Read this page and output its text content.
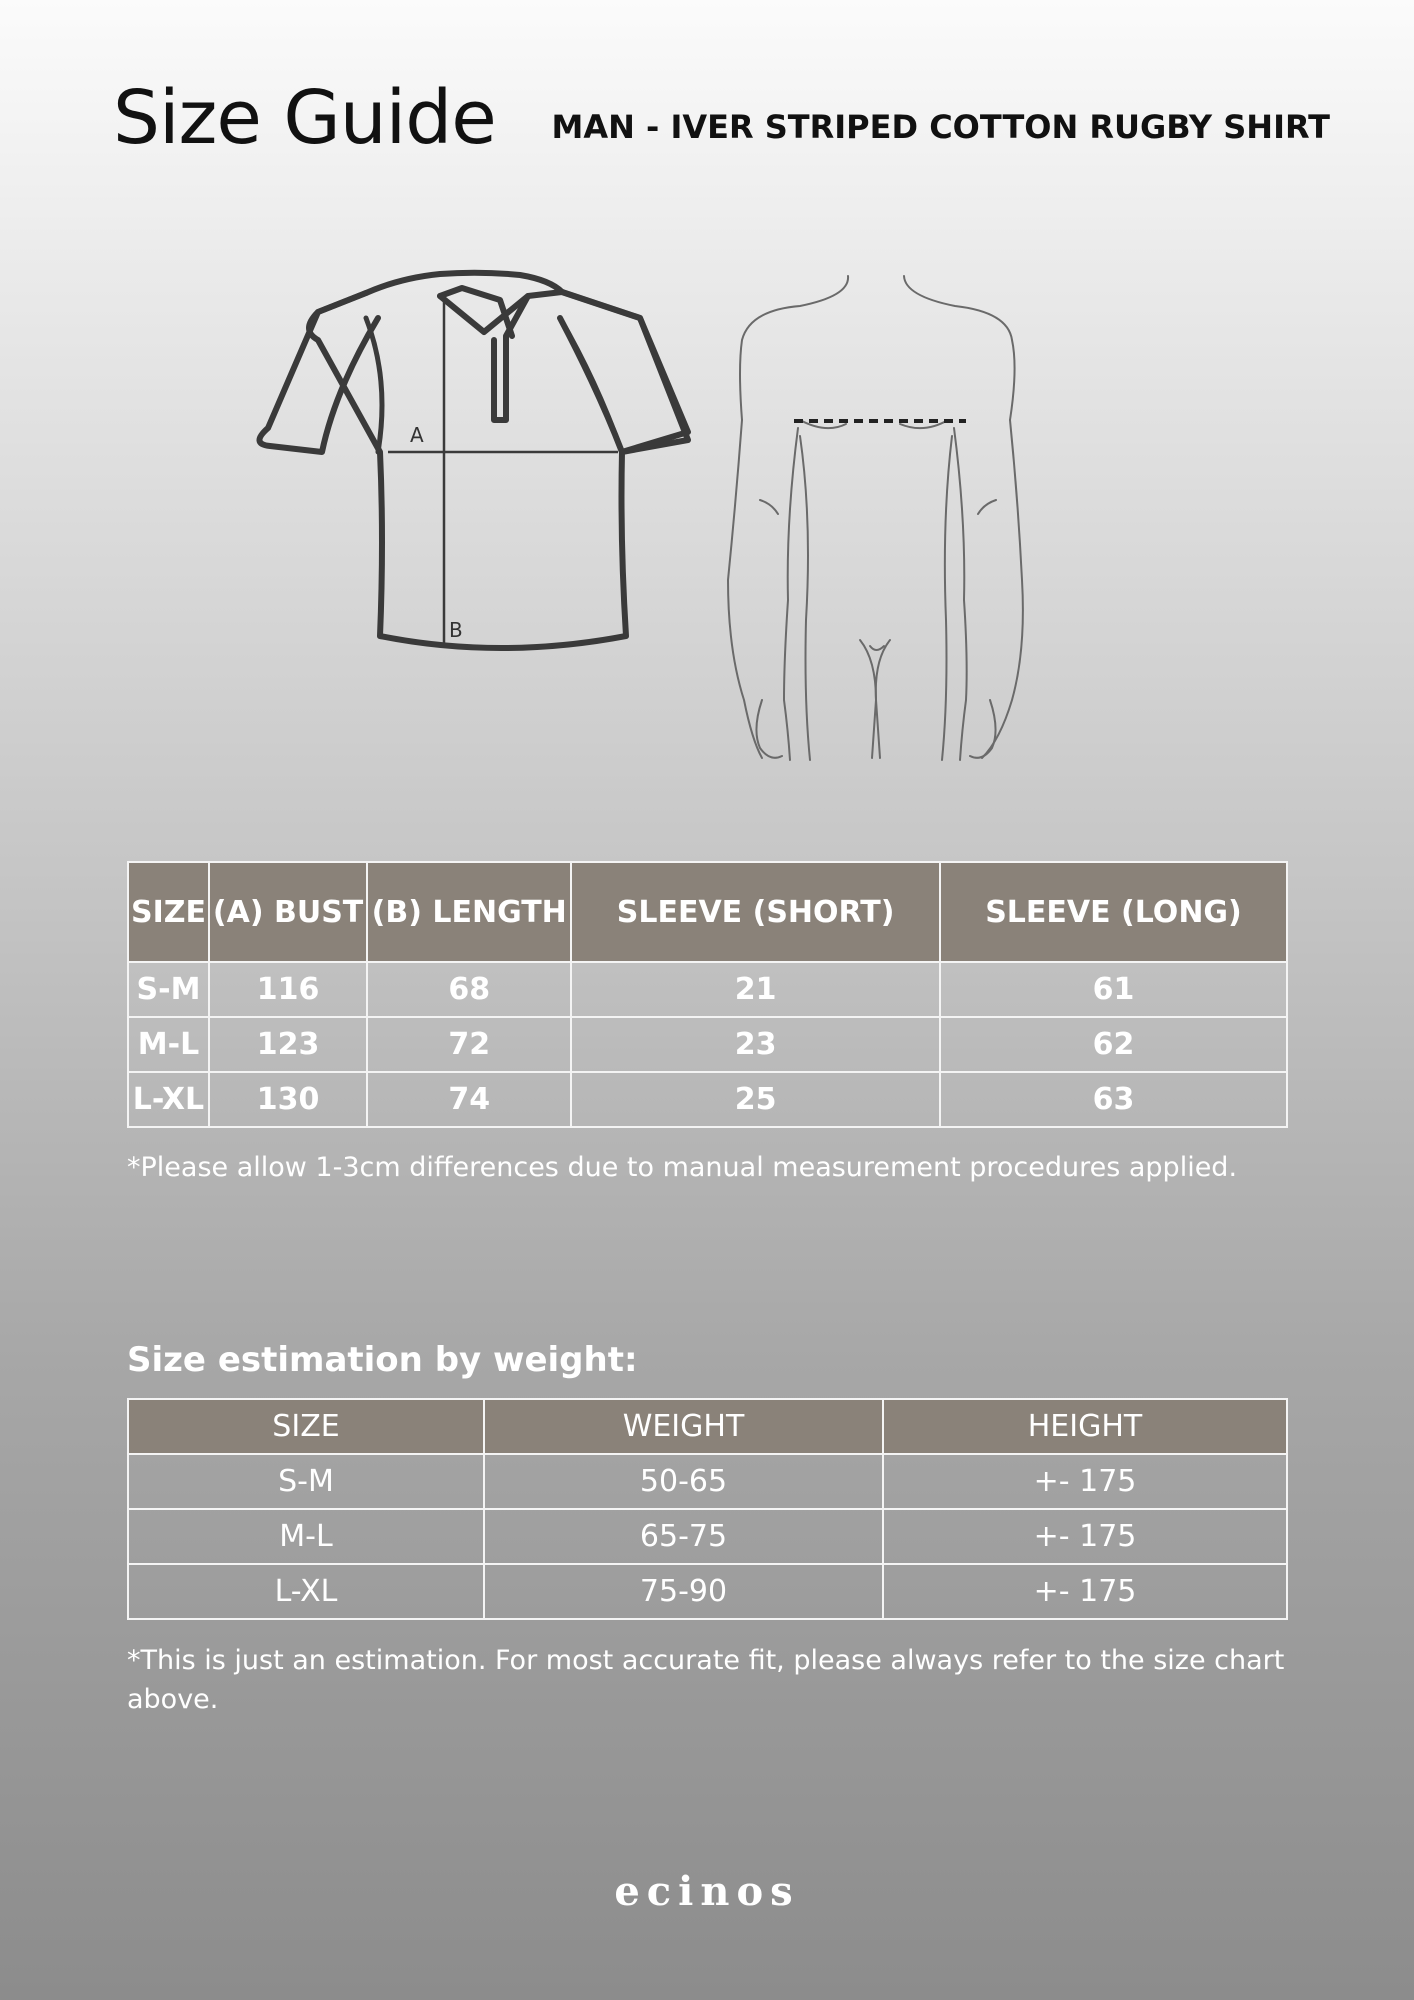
Size Guide MAN - IVER STRIPED COTTON RUGBY SHIRT
A
B
SIZE	(A) BUST	(B) LENGTH	SLEEVE (SHORT)	SLEEVE (LONG)
S-M	116	68	21	61
M-L	123	72	23	62
L-XL	130	74	25	63

*Please allow 1-3cm differences due to manual measurement procedures applied.

Size estimation by weight:
SIZE	WEIGHT	HEIGHT
S-M	50-65	+- 175
M-L	65-75	+- 175
L-XL	75-90	+- 175

*This is just an estimation. For most accurate fit, please always refer to the size chart above.

ecinos
